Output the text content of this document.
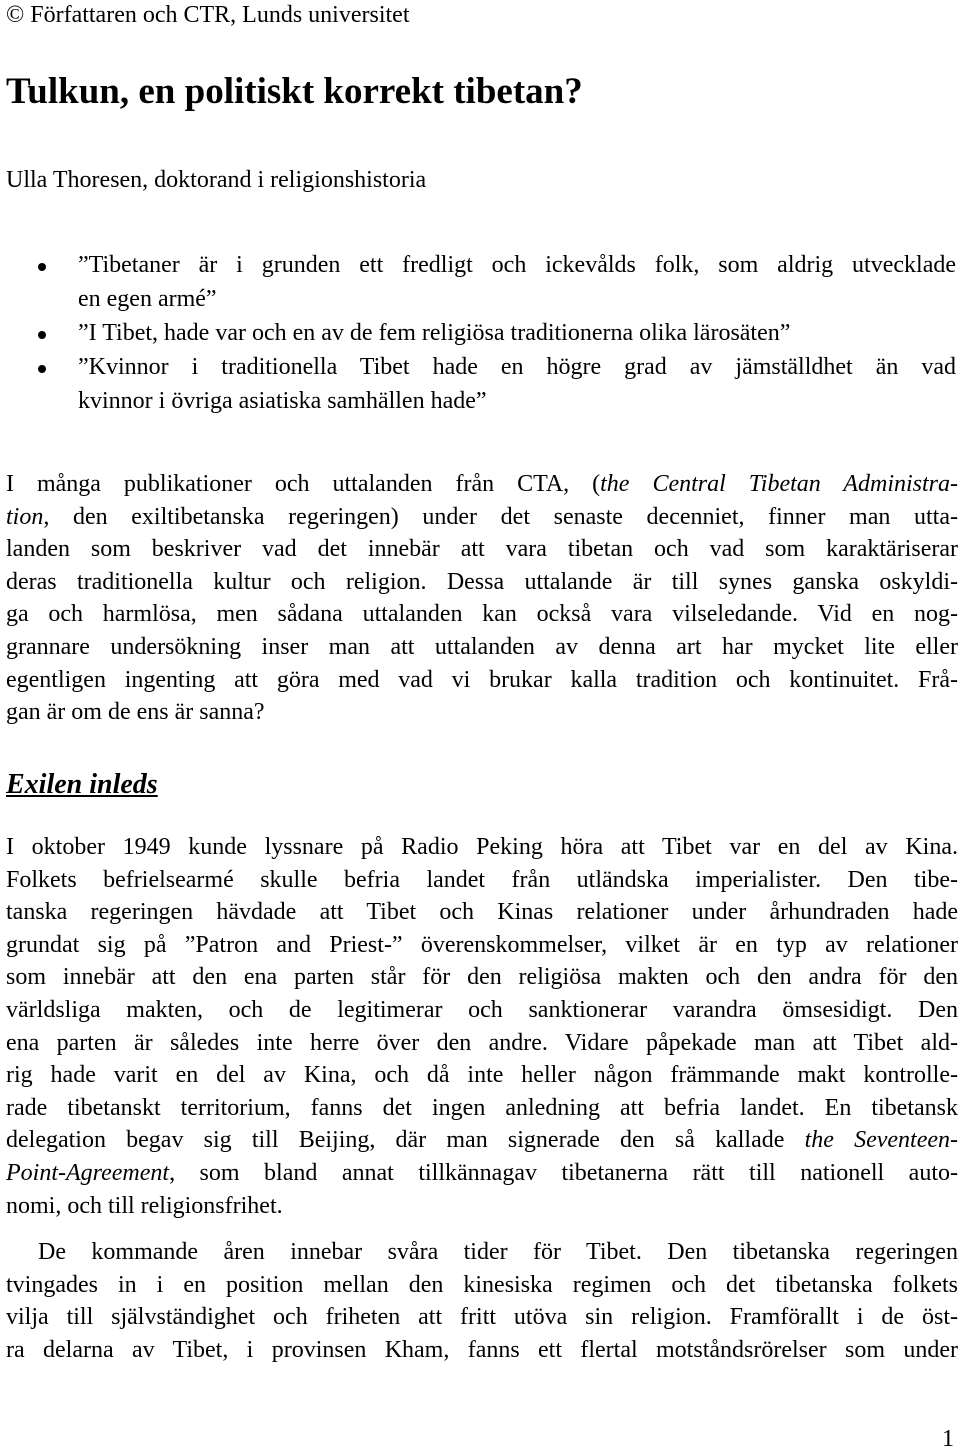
© Författaren och CTR, Lunds universitet
Tulkun, en politiskt korrekt tibetan?
Ulla Thoresen, doktorand i religionshistoria
”Tibetaner är i grunden ett fredligt och ickevålds folk, som aldrig utvecklade
en egen armé”
”I Tibet, hade var och en av de fem religiösa traditionerna olika lärosäten”
”Kvinnor i traditionella Tibet hade en högre grad av jämställdhet än vad
kvinnor i övriga asiatiska samhällen hade”
I många publikationer och uttalanden från CTA, (the Central Tibetan Administra-
tion, den exiltibetanska regeringen) under det senaste decenniet, finner man utta-
landen som beskriver vad det innebär att vara tibetan och vad som karaktäriserar
deras traditionella kultur och religion. Dessa uttalande är till synes ganska oskyldi-
ga och harmlösa, men sådana uttalanden kan också vara vilseledande. Vid en nog-
grannare undersökning inser man att uttalanden av denna art har mycket lite eller
egentligen ingenting att göra med vad vi brukar kalla tradition och kontinuitet. Frå-
gan är om de ens är sanna?
Exilen inleds
I oktober 1949 kunde lyssnare på Radio Peking höra att Tibet var en del av Kina.
Folkets befrielsearmé skulle befria landet från utländska imperialister. Den tibe-
tanska regeringen hävdade att Tibet och Kinas relationer under århundraden hade
grundat sig på ”Patron and Priest-” överenskommelser, vilket är en typ av relationer
som innebär att den ena parten står för den religiösa makten och den andra för den
världsliga makten, och de legitimerar och sanktionerar varandra ömsesidigt. Den
ena parten är således inte herre över den andre. Vidare påpekade man att Tibet ald-
rig hade varit en del av Kina, och då inte heller någon främmande makt kontrolle-
rade tibetanskt territorium, fanns det ingen anledning att befria landet. En tibetansk
delegation begav sig till Beijing, där man signerade den så kallade the Seventeen-
Point-Agreement, som bland annat tillkännagav tibetanerna rätt till nationell auto-
nomi, och till religionsfrihet.
De kommande åren innebar svåra tider för Tibet. Den tibetanska regeringen
tvingades in i en position mellan den kinesiska regimen och det tibetanska folkets
vilja till självständighet och friheten att fritt utöva sin religion. Framförallt i de öst-
ra delarna av Tibet, i provinsen Kham, fanns ett flertal motståndsrörelser som under
1
